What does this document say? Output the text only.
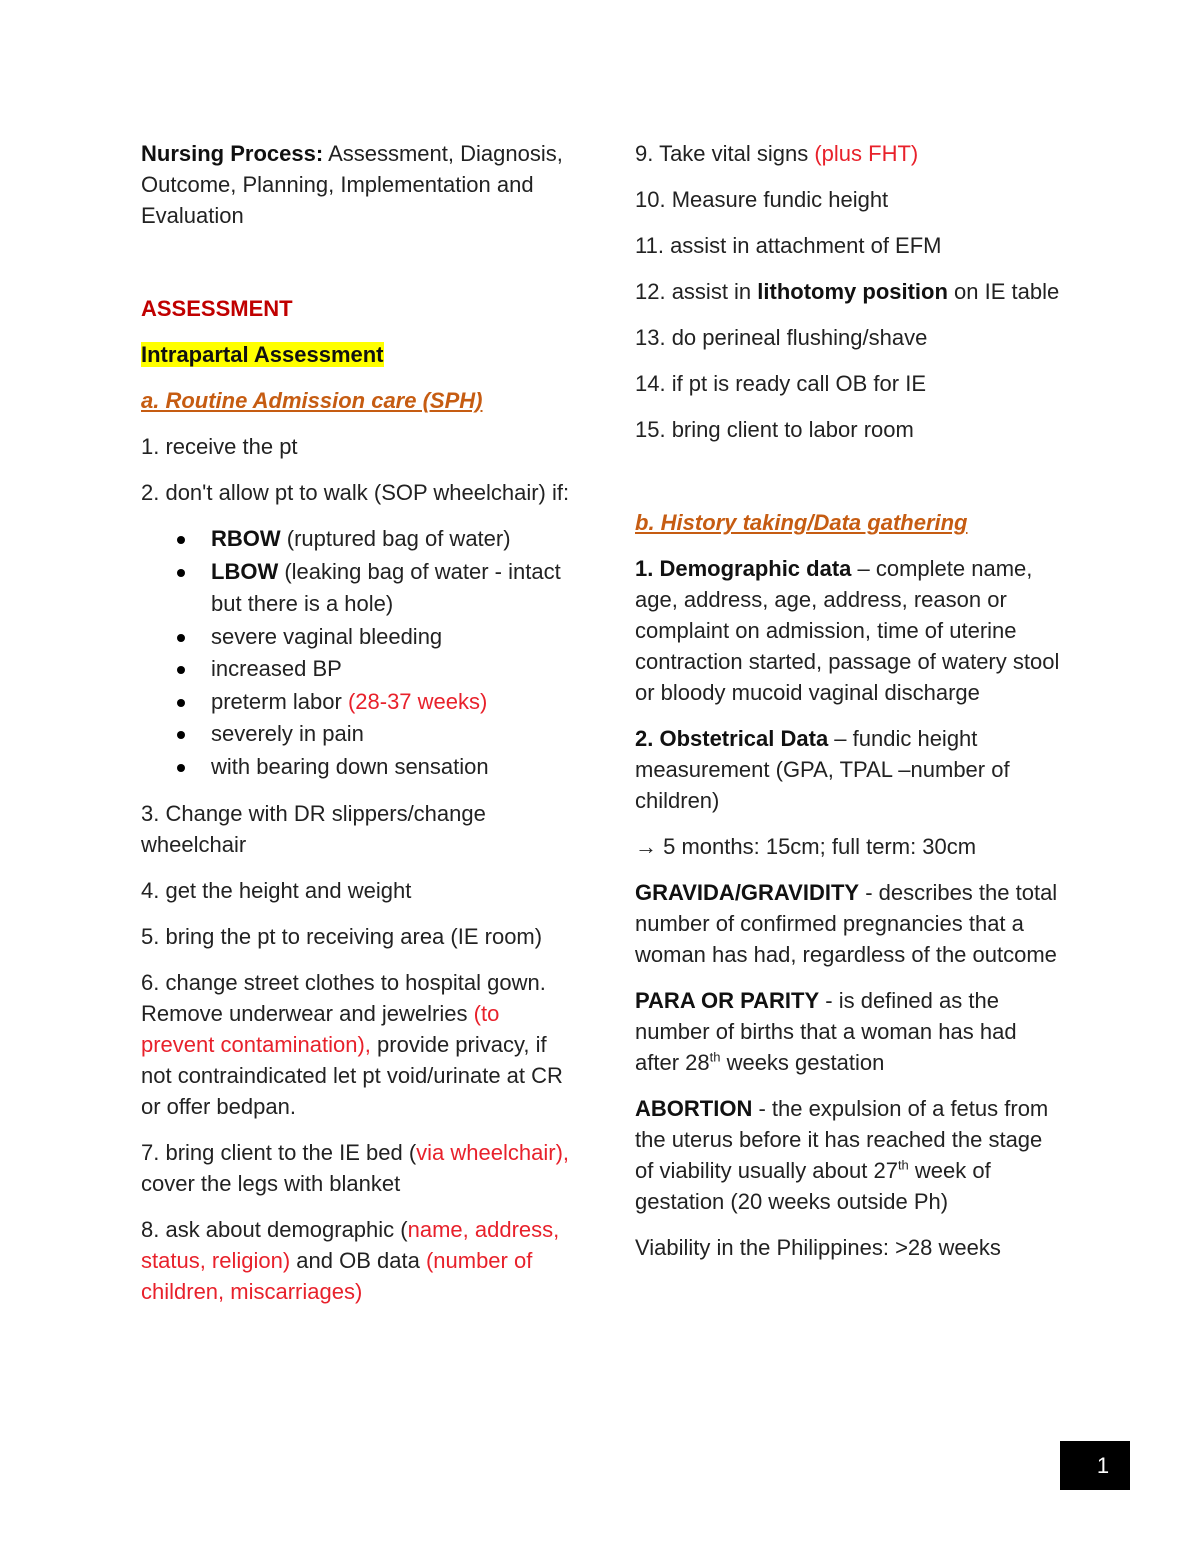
Nursing Process: Assessment, Diagnosis, Outcome, Planning, Implementation and Evaluation

ASSESSMENT

Intrapartal Assessment

a. Routine Admission care (SPH)

1. receive the pt

2. don't allow pt to walk (SOP wheelchair) if:

RBOW (ruptured bag of water)
LBOW (leaking bag of water - intact but there is a hole)
severe vaginal bleeding
increased BP
preterm labor (28-37 weeks)
severely in pain
with bearing down sensation

3. Change with DR slippers/change wheelchair

4. get the height and weight

5. bring the pt to receiving area (IE room)

6. change street clothes to hospital gown. Remove underwear and jewelries (to prevent contamination), provide privacy, if not contraindicated let pt void/urinate at CR or offer bedpan.

7. bring client to the IE bed (via wheelchair), cover the legs with blanket

8. ask about demographic (name, address, status, religion) and OB data (number of children, miscarriages)

9. Take vital signs (plus FHT)

10. Measure fundic height

11. assist in attachment of EFM

12. assist in lithotomy position on IE table

13. do perineal flushing/shave

14. if pt is ready call OB for IE

15. bring client to labor room

b. History taking/Data gathering

1. Demographic data – complete name, age, address, age, address, reason or complaint on admission, time of uterine contraction started, passage of watery stool or bloody mucoid vaginal discharge

2. Obstetrical Data – fundic height measurement (GPA, TPAL –number of children)

→ 5 months: 15cm; full term: 30cm

GRAVIDA/GRAVIDITY - describes the total number of confirmed pregnancies that a woman has had, regardless of the outcome

PARA OR PARITY - is defined as the number of births that a woman has had after 28th weeks gestation

ABORTION - the expulsion of a fetus from the uterus before it has reached the stage of viability usually about 27th week of gestation (20 weeks outside Ph)

Viability in the Philippines: >28 weeks

1
